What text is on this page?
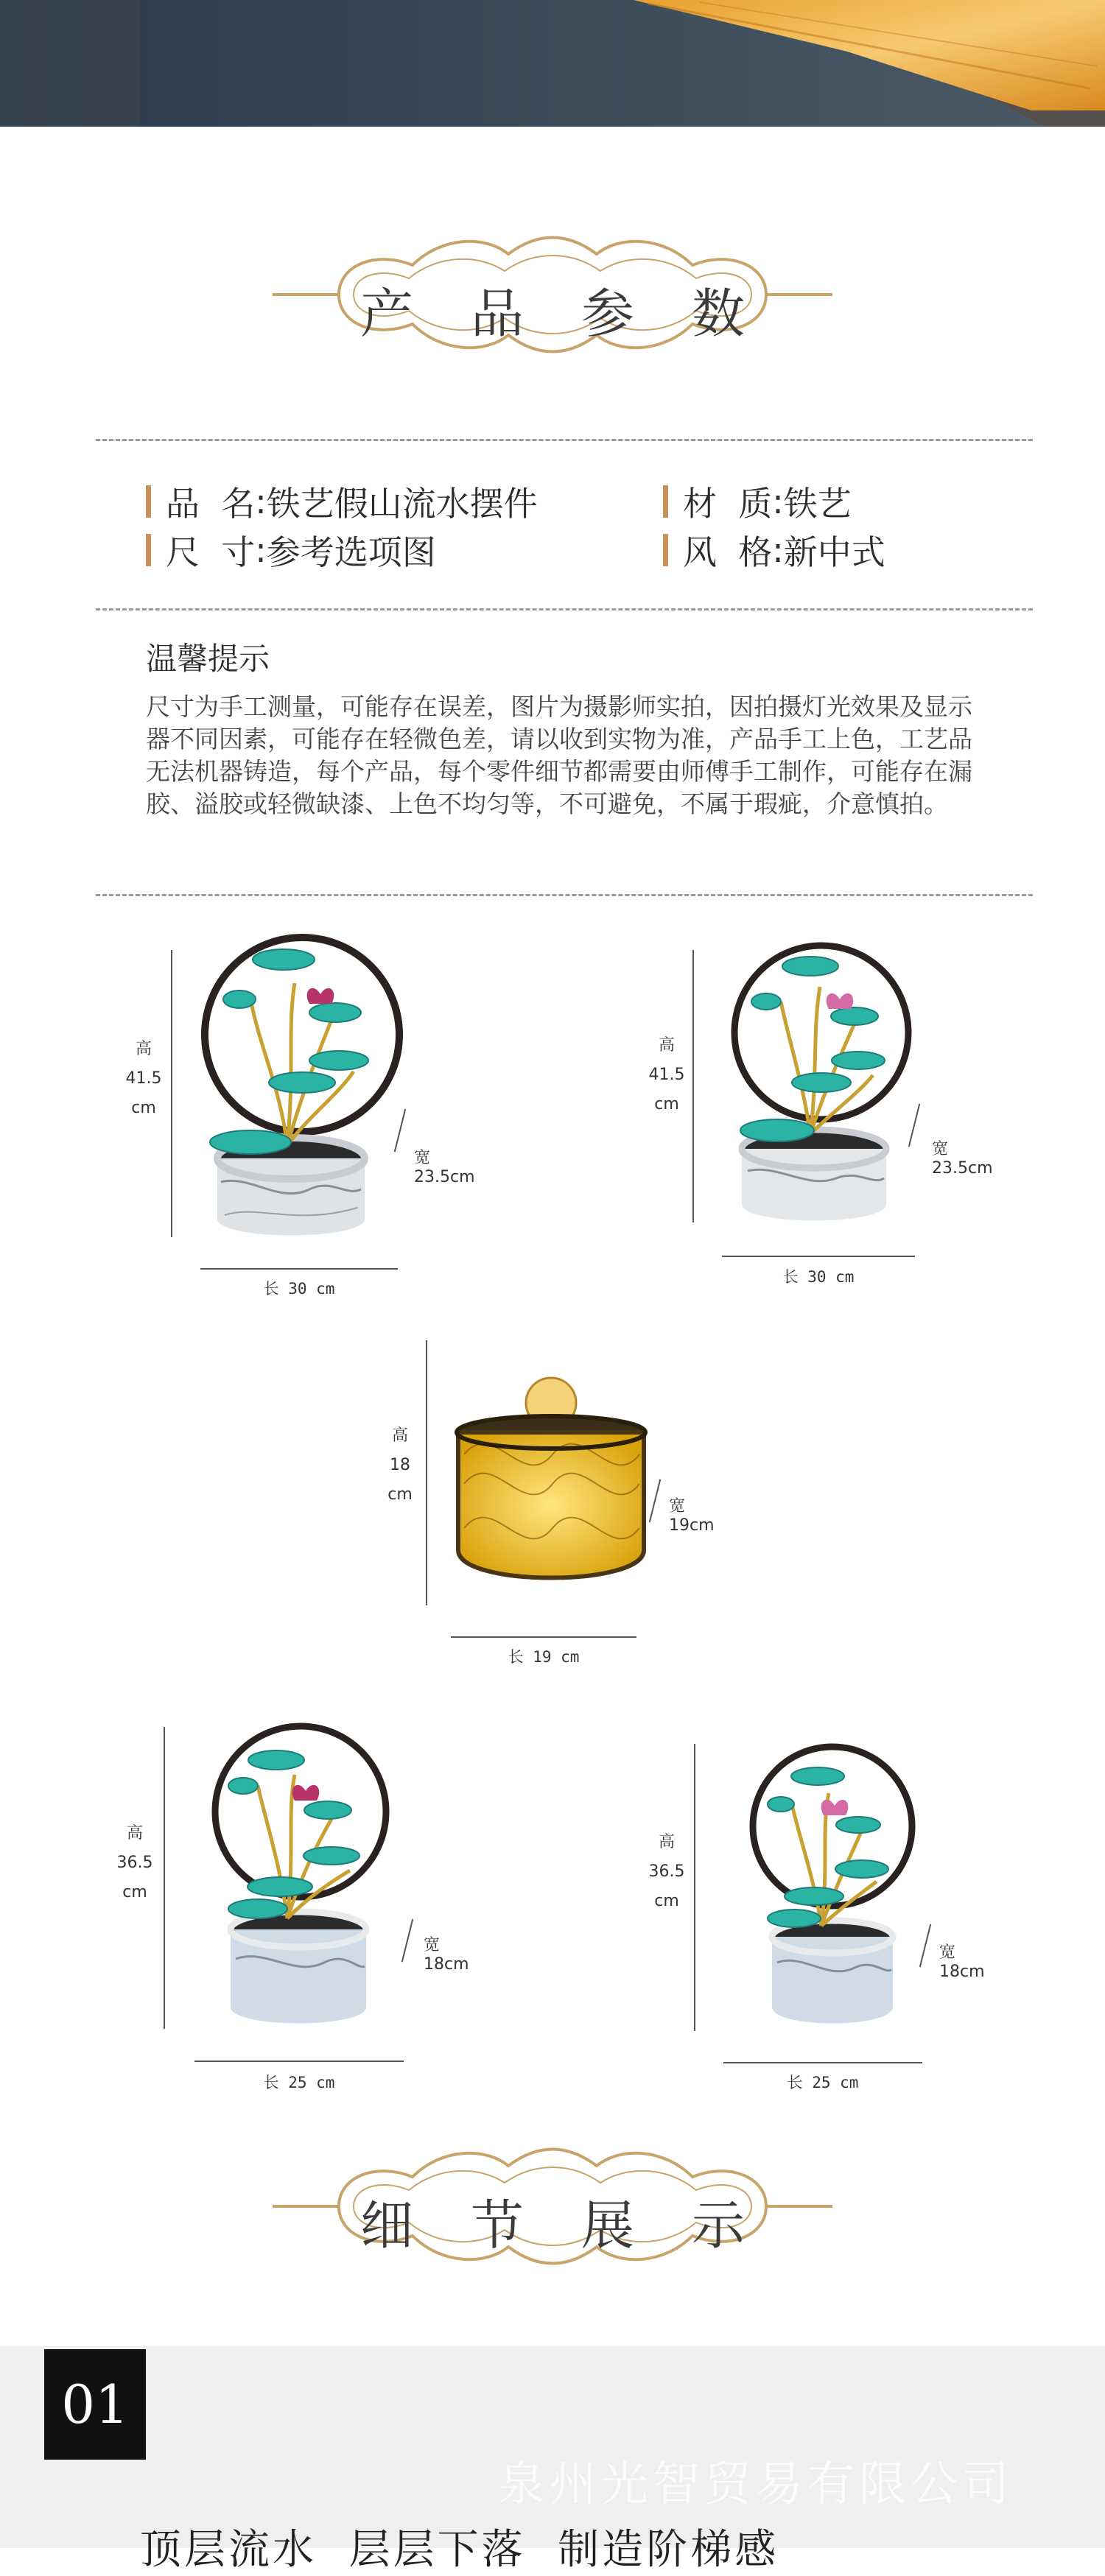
产 品 参 数
品  名 : 铁艺假山流水摆件	材  质 : 铁艺
尺  寸 : 参考选项图	风  格 : 新中式
温馨提示
尺寸为手工测量，可能存在误差，图片为摄影师实拍，因拍摄灯光效果及显示器不同因素，可能存在轻微色差，请以收到实物为准，产品手工上色，工艺品无法机器铸造，每个产品，每个零件细节都需要由师傅手工制作，可能存在漏胶、溢胶或轻微缺漆、上色不均匀等，不可避免，不属于瑕疵，介意慎拍。
高
41.5
cm
宽23.5cm
长 30 cm
高
41.5
cm
宽23.5cm
长 30 cm
高
18
cm
宽19cm
长 19 cm
高
36.5
cm
宽18cm
长 25 cm
高
36.5
cm
宽18cm
长 25 cm
细 节 展 示
01
泉州光智贸易有限公司
顶层流水  层层下落  制造阶梯感
